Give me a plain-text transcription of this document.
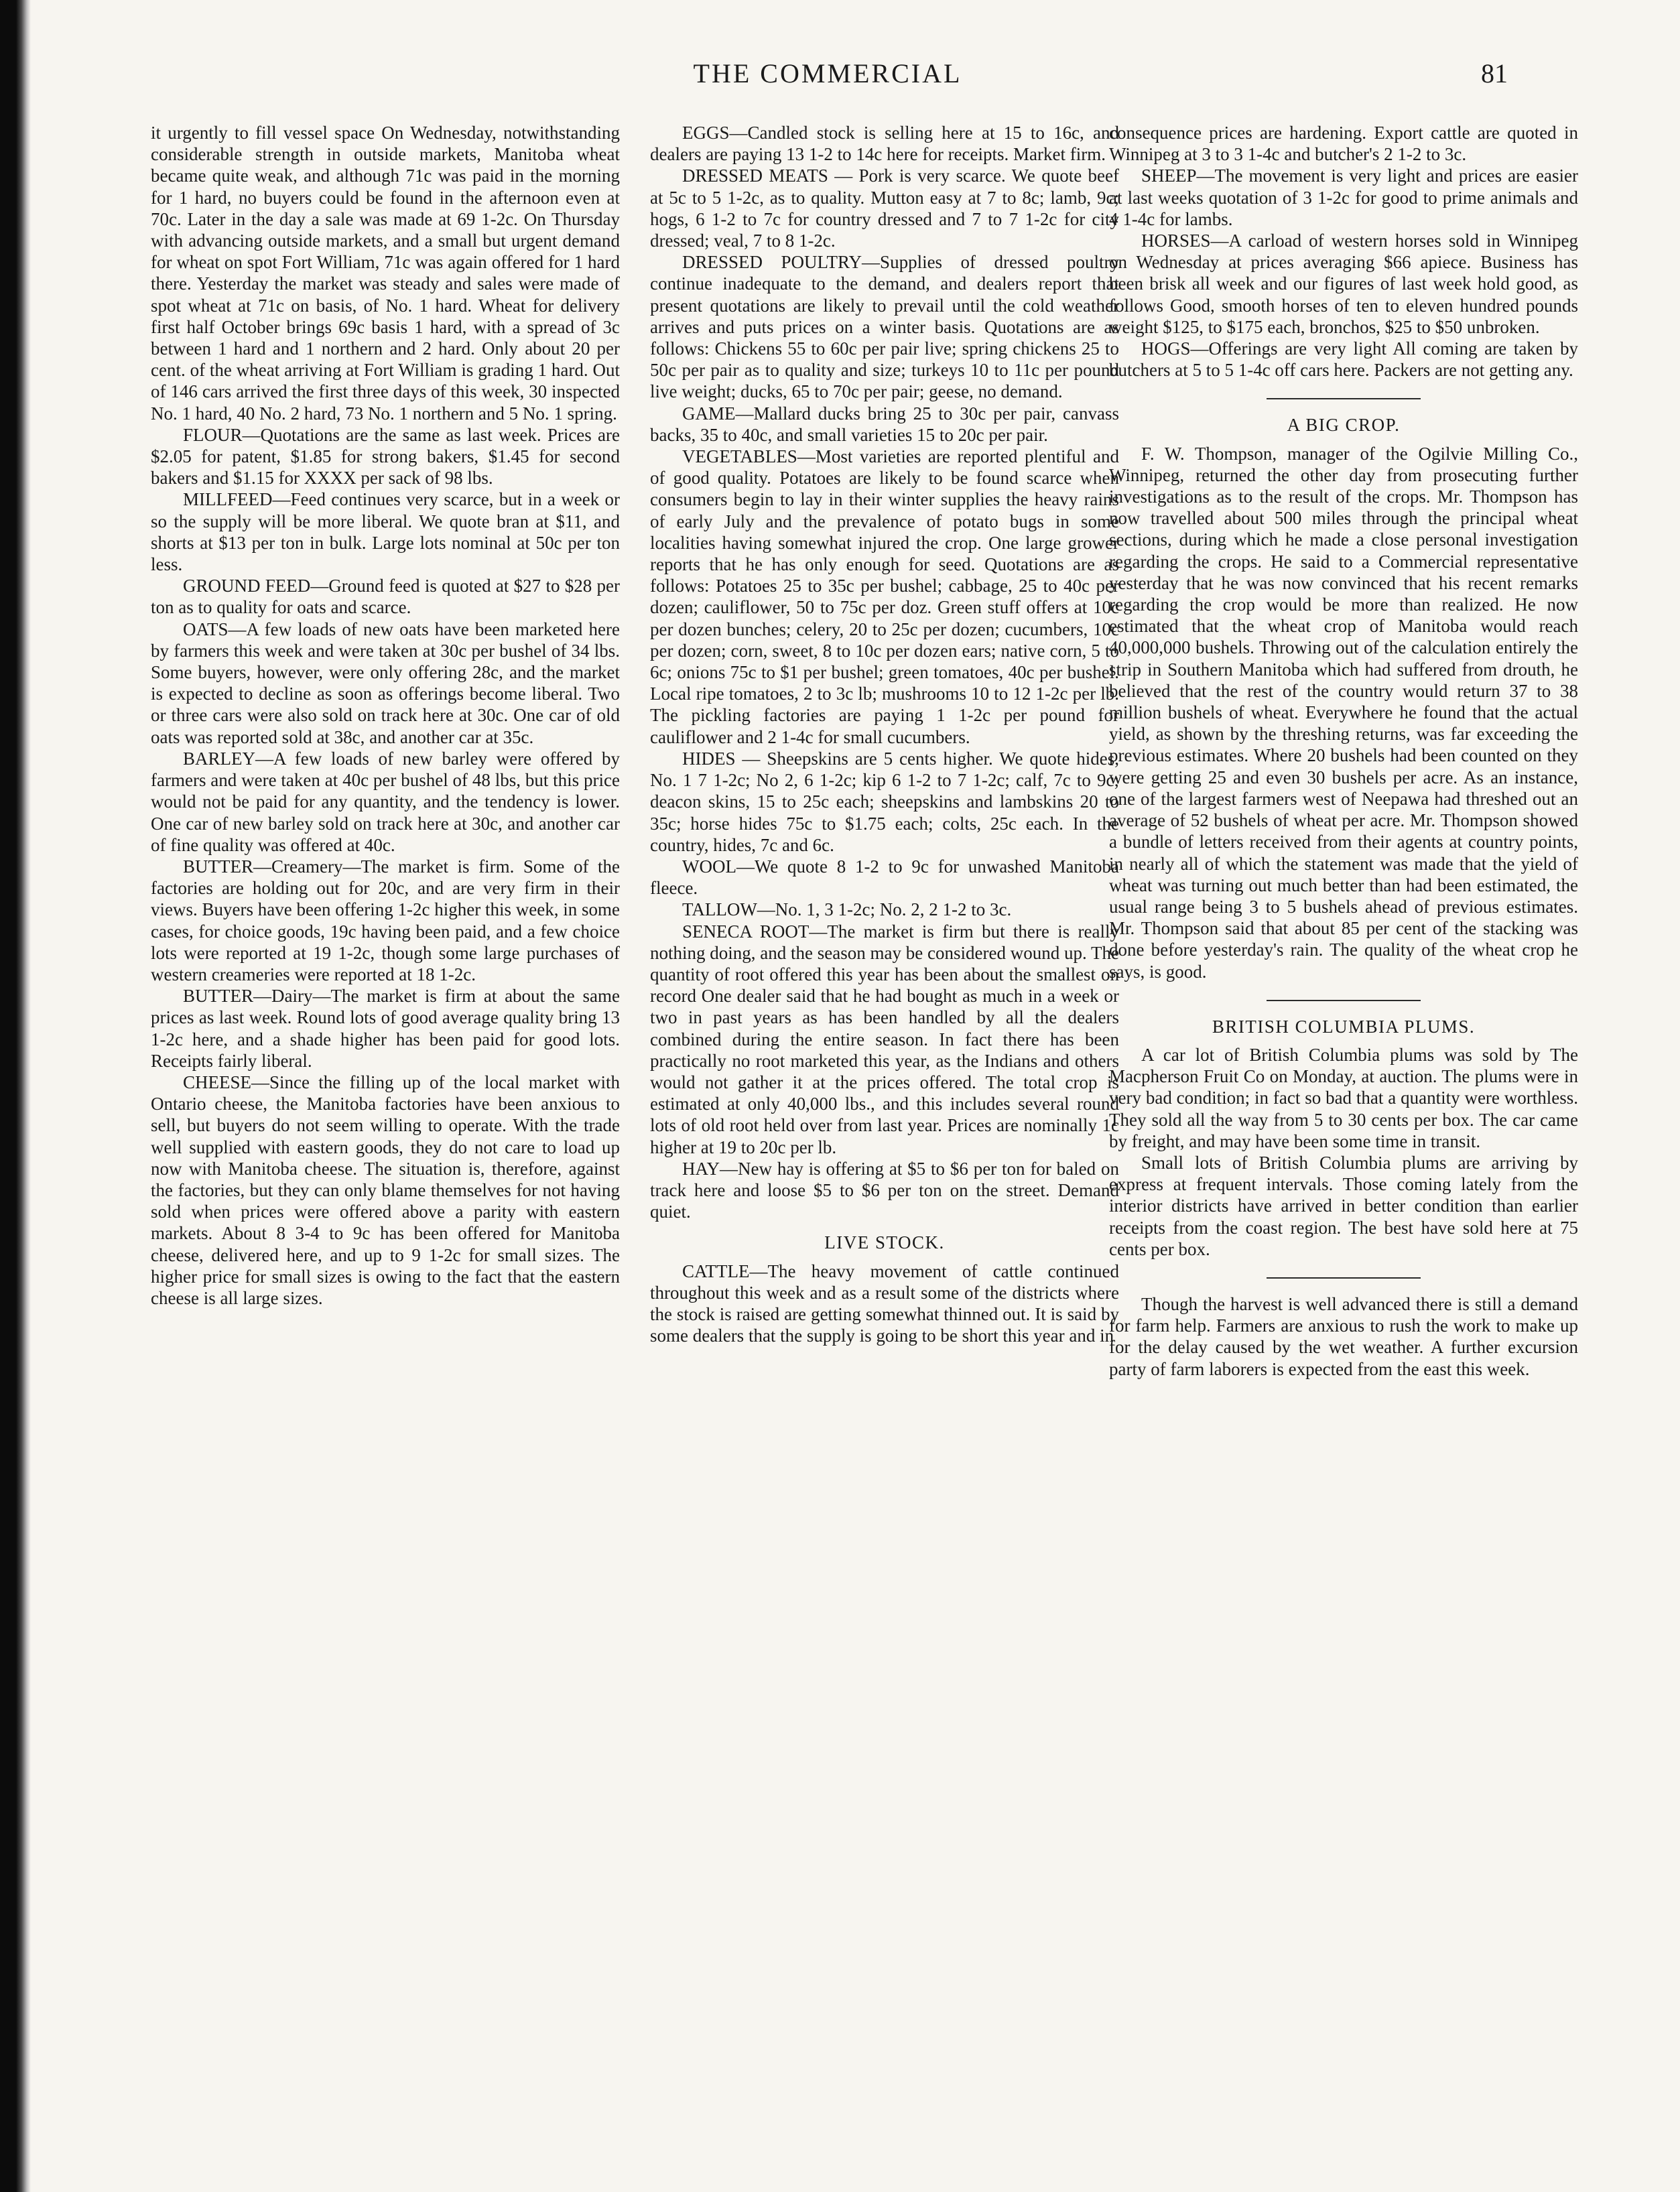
THE COMMERCIAL	81

it urgently to fill vessel space On Wednesday, notwithstanding considerable strength in outside markets, Manitoba wheat became quite weak, and although 71c was paid in the morning for 1 hard, no buyers could be found in the afternoon even at 70c. Later in the day a sale was made at 69 1-2c. On Thursday with advancing outside markets, and a small but urgent demand for wheat on spot Fort William, 71c was again offered for 1 hard there. Yesterday the market was steady and sales were made of spot wheat at 71c on basis, of No. 1 hard. Wheat for delivery first half October brings 69c basis 1 hard, with a spread of 3c between 1 hard and 1 northern and 2 hard. Only about 20 per cent. of the wheat arriving at Fort William is grading 1 hard. Out of 146 cars arrived the first three days of this week, 30 inspected No. 1 hard, 40 No. 2 hard, 73 No. 1 northern and 5 No. 1 spring.

FLOUR—Quotations are the same as last week. Prices are $2.05 for patent, $1.85 for strong bakers, $1.45 for second bakers and $1.15 for XXXX per sack of 98 lbs.

MILLFEED—Feed continues very scarce, but in a week or so the supply will be more liberal. We quote bran at $11, and shorts at $13 per ton in bulk. Large lots nominal at 50c per ton less.

GROUND FEED—Ground feed is quoted at $27 to $28 per ton as to quality for oats and scarce.

OATS—A few loads of new oats have been marketed here by farmers this week and were taken at 30c per bushel of 34 lbs. Some buyers, however, were only offering 28c, and the market is expected to decline as soon as offerings become liberal. Two or three cars were also sold on track here at 30c. One car of old oats was reported sold at 38c, and another car at 35c.

BARLEY—A few loads of new barley were offered by farmers and were taken at 40c per bushel of 48 lbs, but this price would not be paid for any quantity, and the tendency is lower. One car of new barley sold on track here at 30c, and another car of fine quality was offered at 40c.

BUTTER—Creamery—The market is firm. Some of the factories are holding out for 20c, and are very firm in their views. Buyers have been offering 1-2c higher this week, in some cases, for choice goods, 19c having been paid, and a few choice lots were reported at 19 1-2c, though some large purchases of western creameries were reported at 18 1-2c.

BUTTER—Dairy—The market is firm at about the same prices as last week. Round lots of good average quality bring 13 1-2c here, and a shade higher has been paid for good lots. Receipts fairly liberal.

CHEESE—Since the filling up of the local market with Ontario cheese, the Manitoba factories have been anxious to sell, but buyers do not seem willing to operate. With the trade well supplied with eastern goods, they do not care to load up now with Manitoba cheese. The situation is, therefore, against the factories, but they can only blame themselves for not having sold when prices were offered above a parity with eastern markets. About 8 3-4 to 9c has been offered for Manitoba cheese, delivered here, and up to 9 1-2c for small sizes. The higher price for small sizes is owing to the fact that the eastern cheese is all large sizes.

EGGS—Candled stock is selling here at 15 to 16c, and dealers are paying 13 1-2 to 14c here for receipts. Market firm.

DRESSED MEATS — Pork is very scarce. We quote beef at 5c to 5 1-2c, as to quality. Mutton easy at 7 to 8c; lamb, 9c; hogs, 6 1-2 to 7c for country dressed and 7 to 7 1-2c for city dressed; veal, 7 to 8 1-2c.

DRESSED POULTRY—Supplies of dressed poultry continue inadequate to the demand, and dealers report that present quotations are likely to prevail until the cold weather arrives and puts prices on a winter basis. Quotations are as follows: Chickens 55 to 60c per pair live; spring chickens 25 to 50c per pair as to quality and size; turkeys 10 to 11c per pound live weight; ducks, 65 to 70c per pair; geese, no demand.

GAME—Mallard ducks bring 25 to 30c per pair, canvass backs, 35 to 40c, and small varieties 15 to 20c per pair.

VEGETABLES—Most varieties are reported plentiful and of good quality. Potatoes are likely to be found scarce when consumers begin to lay in their winter supplies the heavy rains of early July and the prevalence of potato bugs in some localities having somewhat injured the crop. One large grower reports that he has only enough for seed. Quotations are as follows: Potatoes 25 to 35c per bushel; cabbage, 25 to 40c per dozen; cauliflower, 50 to 75c per doz. Green stuff offers at 10c per dozen bunches; celery, 20 to 25c per dozen; cucumbers, 10c per dozen; corn, sweet, 8 to 10c per dozen ears; native corn, 5 to 6c; onions 75c to $1 per bushel; green tomatoes, 40c per bushel. Local ripe tomatoes, 2 to 3c lb; mushrooms 10 to 12 1-2c per lb. The pickling factories are paying 1 1-2c per pound for cauliflower and 2 1-4c for small cucumbers.

HIDES — Sheepskins are 5 cents higher. We quote hides, No. 1 7 1-2c; No 2, 6 1-2c; kip 6 1-2 to 7 1-2c; calf, 7c to 9c; deacon skins, 15 to 25c each; sheepskins and lambskins 20 to 35c; horse hides 75c to $1.75 each; colts, 25c each. In the country, hides, 7c and 6c.

WOOL—We quote 8 1-2 to 9c for unwashed Manitoba fleece.

TALLOW—No. 1, 3 1-2c; No. 2, 2 1-2 to 3c.

SENECA ROOT—The market is firm but there is really nothing doing, and the season may be considered wound up. The quantity of root offered this year has been about the smallest on record One dealer said that he had bought as much in a week or two in past years as has been handled by all the dealers combined during the entire season. In fact there has been practically no root marketed this year, as the Indians and others would not gather it at the prices offered. The total crop is estimated at only 40,000 lbs., and this includes several round lots of old root held over from last year. Prices are nominally 1c higher at 19 to 20c per lb.

HAY—New hay is offering at $5 to $6 per ton for baled on track here and loose $5 to $6 per ton on the street. Demand quiet.

LIVE STOCK.

CATTLE—The heavy movement of cattle continued throughout this week and as a result some of the districts where the stock is raised are getting somewhat thinned out. It is said by some dealers that the supply is going to be short this year and in

consequence prices are hardening. Export cattle are quoted in Winnipeg at 3 to 3 1-4c and butcher's 2 1-2 to 3c.

SHEEP—The movement is very light and prices are easier at last weeks quotation of 3 1-2c for good to prime animals and 4 1-4c for lambs.

HORSES—A carload of western horses sold in Winnipeg on Wednesday at prices averaging $66 apiece. Business has been brisk all week and our figures of last week hold good, as follows Good, smooth horses of ten to eleven hundred pounds weight $125, to $175 each, bronchos, $25 to $50 unbroken.

HOGS—Offerings are very light All coming are taken by butchers at 5 to 5 1-4c off cars here. Packers are not getting any.

A BIG CROP.

F. W. Thompson, manager of the Ogilvie Milling Co., Winnipeg, returned the other day from prosecuting further investigations as to the result of the crops. Mr. Thompson has now travelled about 500 miles through the principal wheat sections, during which he made a close personal investigation regarding the crops. He said to a Commercial representative yesterday that he was now convinced that his recent remarks regarding the crop would be more than realized. He now estimated that the wheat crop of Manitoba would reach 40,000,000 bushels. Throwing out of the calculation entirely the strip in Southern Manitoba which had suffered from drouth, he believed that the rest of the country would return 37 to 38 million bushels of wheat. Everywhere he found that the actual yield, as shown by the threshing returns, was far exceeding the previous estimates. Where 20 bushels had been counted on they were getting 25 and even 30 bushels per acre. As an instance, one of the largest farmers west of Neepawa had threshed out an average of 52 bushels of wheat per acre. Mr. Thompson showed a bundle of letters received from their agents at country points, in nearly all of which the statement was made that the yield of wheat was turning out much better than had been estimated, the usual range being 3 to 5 bushels ahead of previous estimates. Mr. Thompson said that about 85 per cent of the stacking was done before yesterday's rain. The quality of the wheat crop he says, is good.

BRITISH COLUMBIA PLUMS.

A car lot of British Columbia plums was sold by The Macpherson Fruit Co on Monday, at auction. The plums were in very bad condition; in fact so bad that a quantity were worthless. They sold all the way from 5 to 30 cents per box. The car came by freight, and may have been some time in transit.

Small lots of British Columbia plums are arriving by express at frequent intervals. Those coming lately from the interior districts have arrived in better condition than earlier receipts from the coast region. The best have sold here at 75 cents per box.

Though the harvest is well advanced there is still a demand for farm help. Farmers are anxious to rush the work to make up for the delay caused by the wet weather. A further excursion party of farm laborers is expected from the east this week.
